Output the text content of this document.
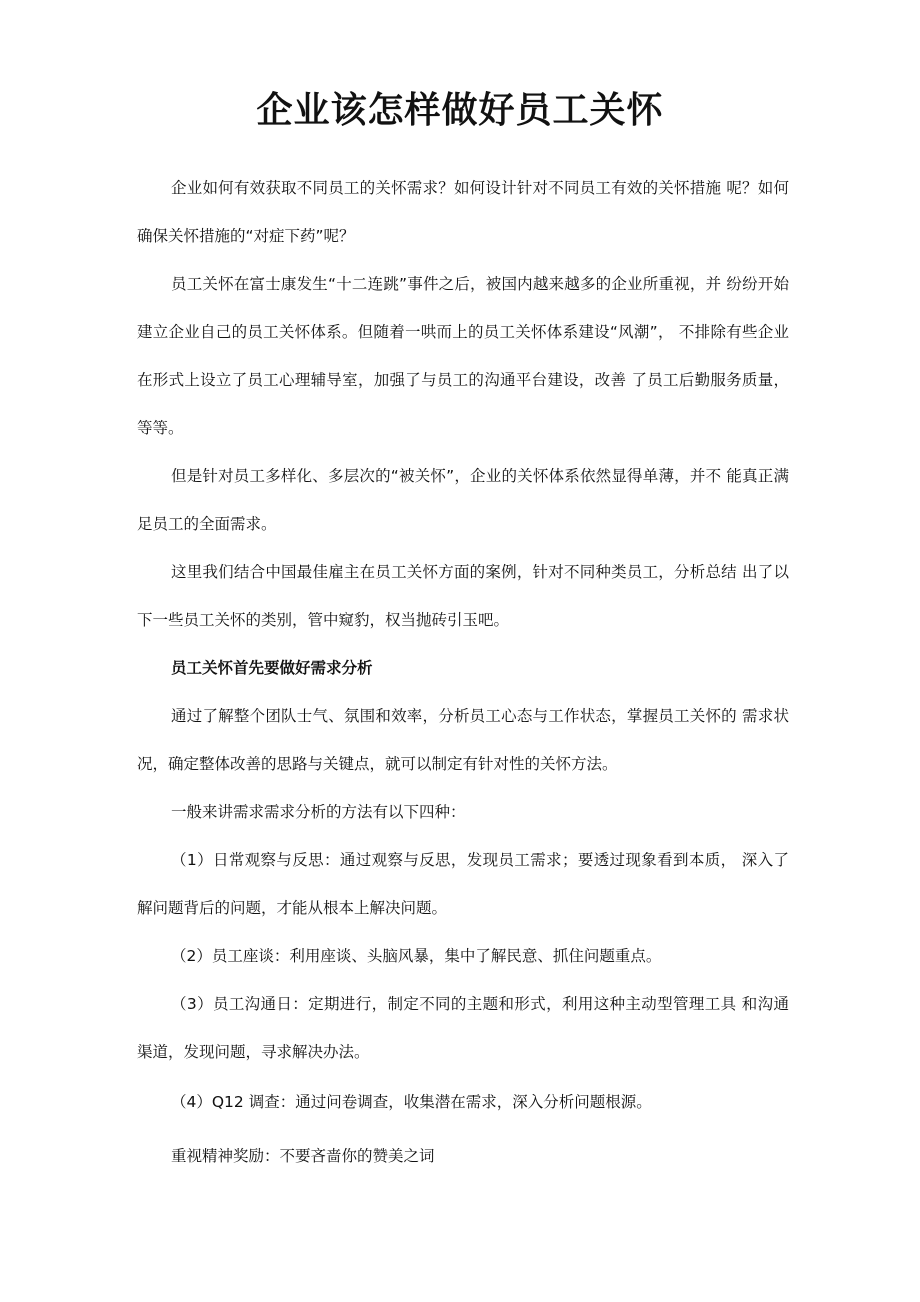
企业该怎样做好员工关怀

企业如何有效获取不同员工的关怀需求？如何设计针对不同员工有效的关怀措施 呢？如何确保关怀措施的“对症下药”呢？

员工关怀在富士康发生“十二连跳”事件之后，被国内越来越多的企业所重视，并 纷纷开始建立企业自己的员工关怀体系。但随着一哄而上的员工关怀体系建设“风潮”， 不排除有些企业在形式上设立了员工心理辅导室，加强了与员工的沟通平台建设，改善 了员工后勤服务质量，等等。

但是针对员工多样化、多层次的“被关怀”，企业的关怀体系依然显得单薄，并不 能真正满足员工的全面需求。

这里我们结合中国最佳雇主在员工关怀方面的案例，针对不同种类员工，分析总结 出了以下一些员工关怀的类别，管中窥豹，权当抛砖引玉吧。

员工关怀首先要做好需求分析

通过了解整个团队士气、氛围和效率，分析员工心态与工作状态，掌握员工关怀的 需求状况，确定整体改善的思路与关键点，就可以制定有针对性的关怀方法。

一般来讲需求需求分析的方法有以下四种：

（1）日常观察与反思：通过观察与反思，发现员工需求；要透过现象看到本质， 深入了解问题背后的问题，才能从根本上解决问题。

（2）员工座谈：利用座谈、头脑风暴，集中了解民意、抓住问题重点。

（3）员工沟通日：定期进行，制定不同的主题和形式，利用这种主动型管理工具 和沟通渠道，发现问题，寻求解决办法。

（4）Q12 调查：通过问卷调查，收集潜在需求，深入分析问题根源。

重视精神奖励：不要吝啬你的赞美之词
